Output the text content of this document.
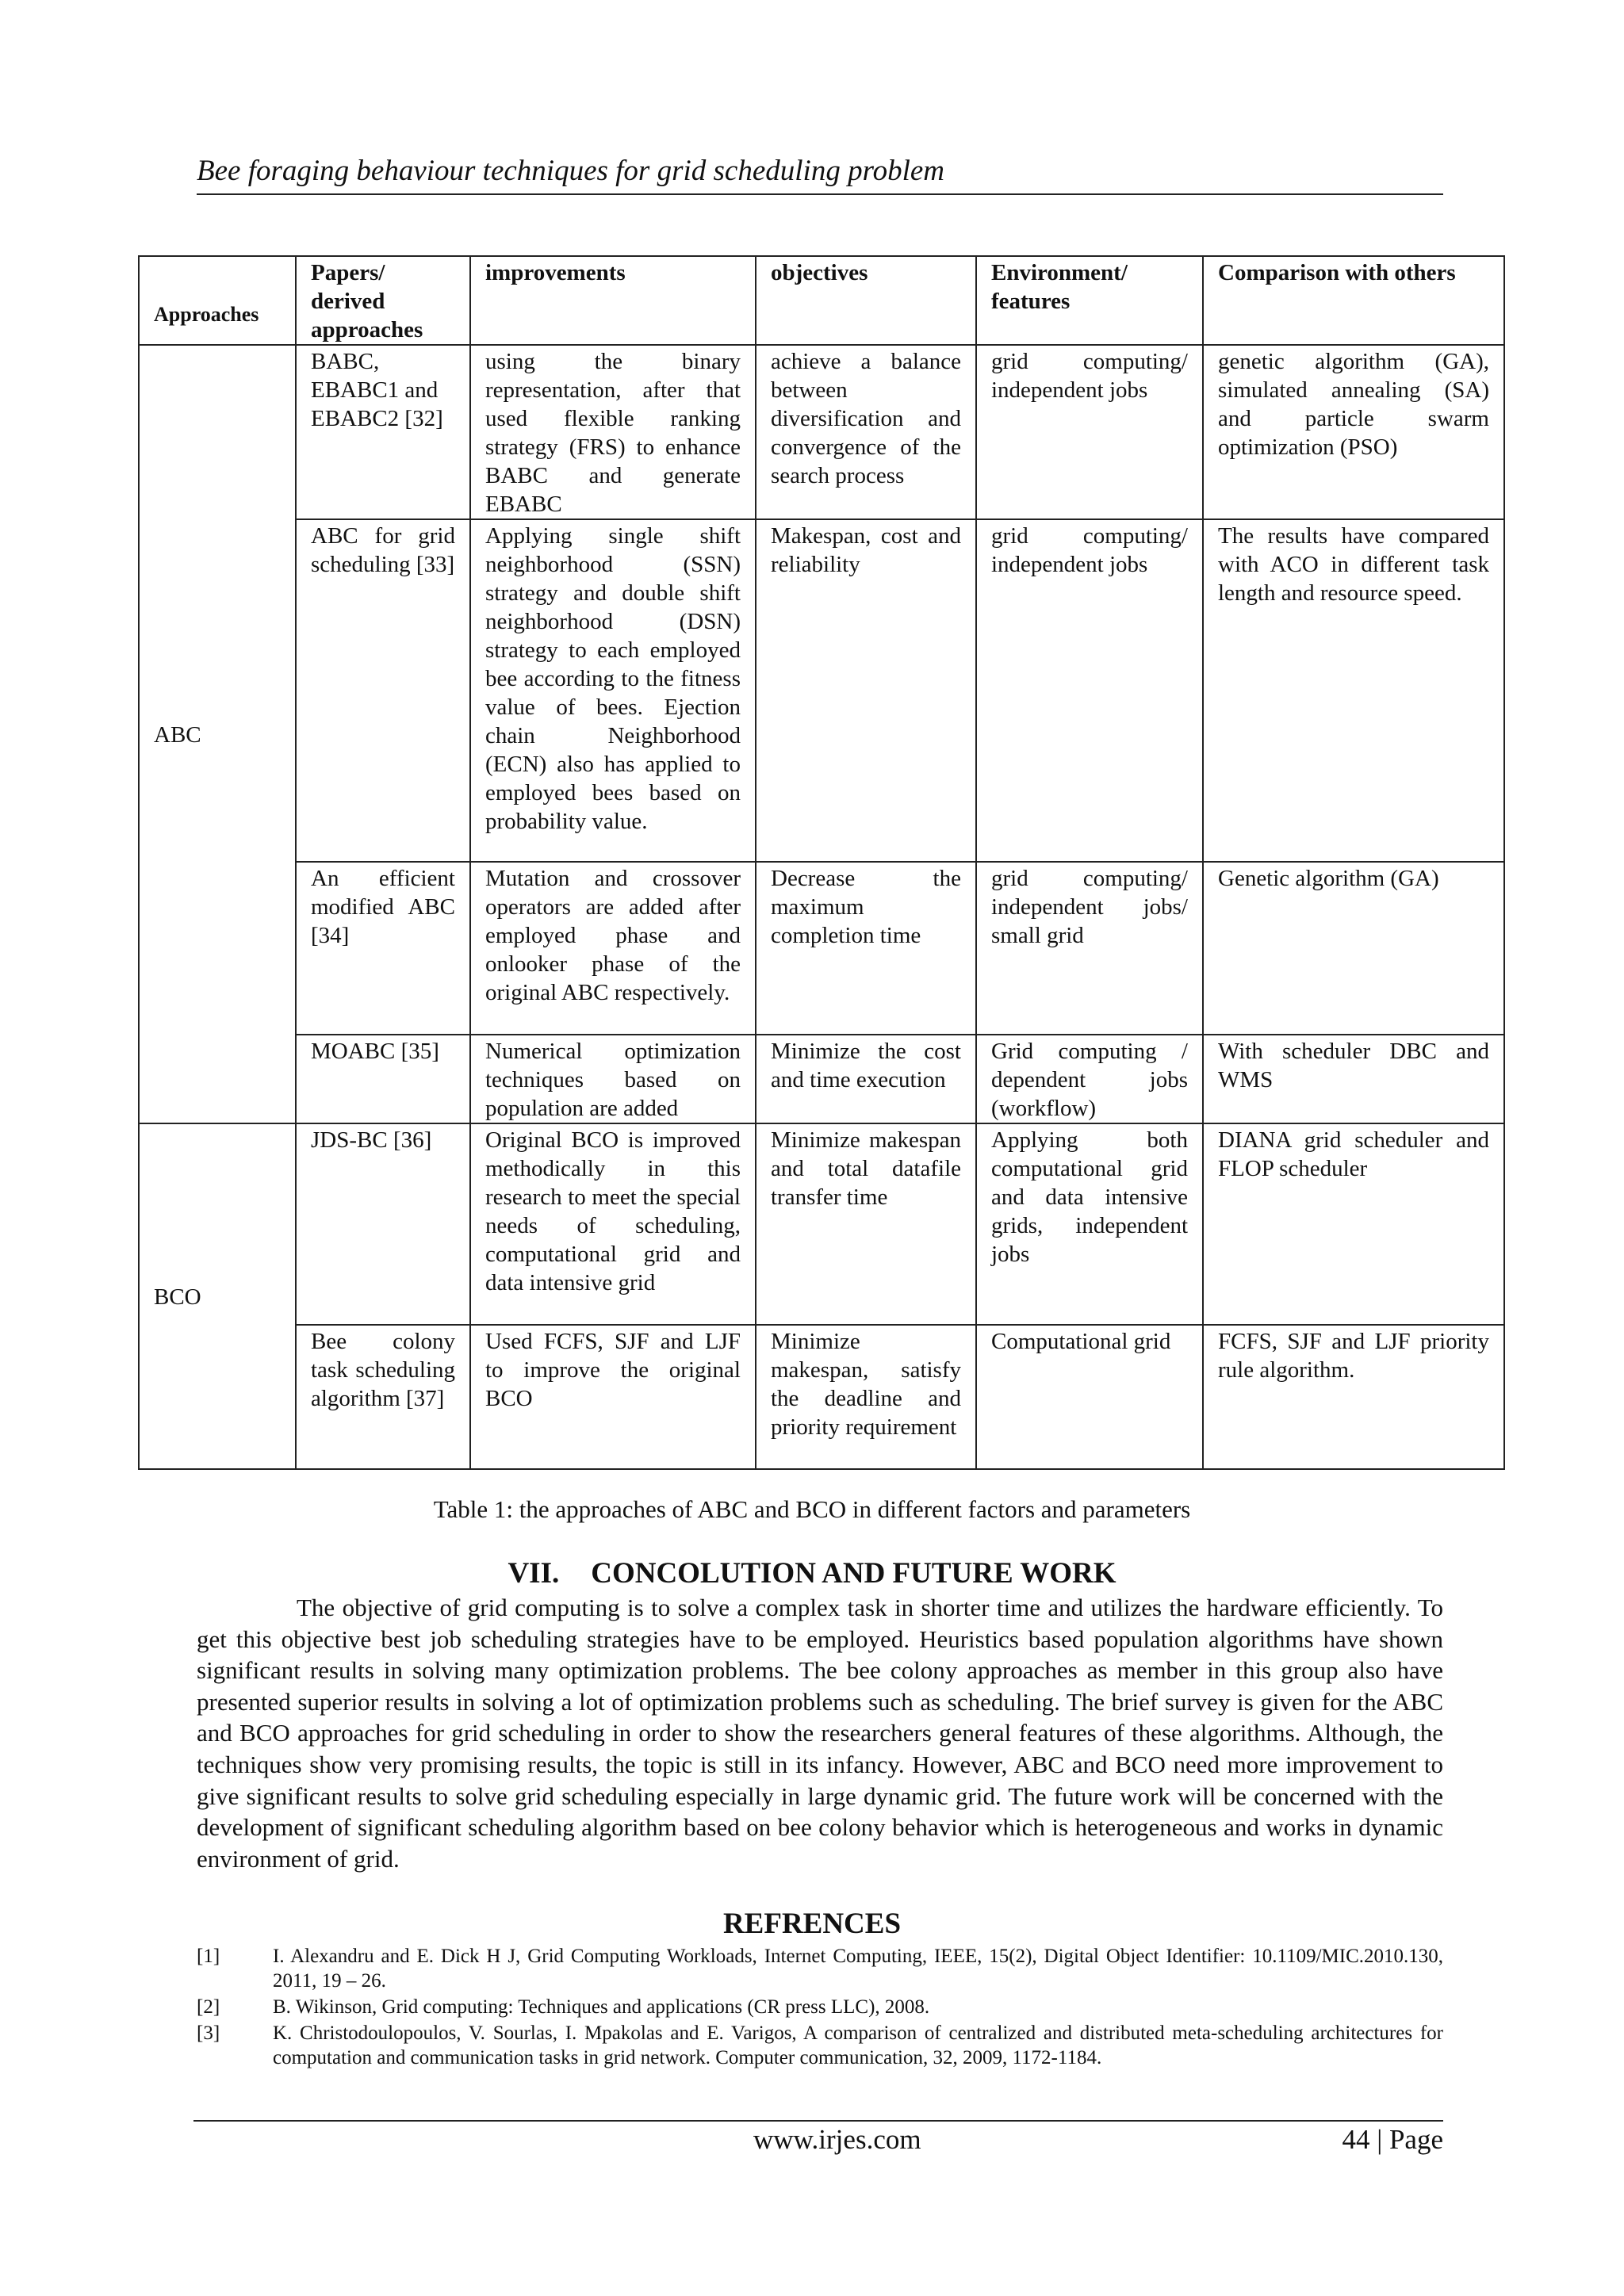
Bee foraging behaviour techniques for grid scheduling problem
Approaches	Papers/ derived approaches	improvements	objectives	Environment/ features	Comparison with others
ABC	BABC, EBABC1 and EBABC2 [32]	using the binary representation, after that used flexible ranking strategy (FRS) to enhance BABC and generate EBABC	achieve a balance between diversification and convergence of the search process	grid computing/ independent jobs	genetic algorithm (GA), simulated annealing (SA) and particle swarm optimization (PSO)
	ABC for grid scheduling [33]	Applying single shift neighborhood (SSN) strategy and double shift neighborhood (DSN) strategy to each employed bee according to the fitness value of bees. Ejection chain Neighborhood (ECN) also has applied to employed bees based on probability value.	Makespan, cost and reliability	grid computing/ independent jobs	The results have compared with ACO in different task length and resource speed.
	An efficient modified ABC [34]	Mutation and crossover operators are added after employed phase and onlooker phase of the original ABC respectively.	Decrease the maximum completion time	grid computing/ independent jobs/ small grid	Genetic algorithm (GA)
	MOABC [35]	Numerical optimization techniques based on population are added	Minimize the cost and time execution	Grid computing / dependent jobs (workflow)	With scheduler DBC and WMS
BCO	JDS-BC [36]	Original BCO is improved methodically in this research to meet the special needs of scheduling, computational grid and data intensive grid	Minimize makespan and total datafile transfer time	Applying both computational grid and data intensive grids, independent jobs	DIANA grid scheduler and FLOP scheduler
	Bee colony task scheduling algorithm [37]	Used FCFS, SJF and LJF to improve the original BCO	Minimize makespan, satisfy the deadline and priority requirement	Computational grid	FCFS, SJF and LJF priority rule algorithm.
Table 1: the approaches of ABC and BCO in different factors and parameters
VII. CONCOLUTION AND FUTURE WORK

The objective of grid computing is to solve a complex task in shorter time and utilizes the hardware efficiently. To get this objective best job scheduling strategies have to be employed. Heuristics based population algorithms have shown significant results in solving many optimization problems. The bee colony approaches as member in this group also have presented superior results in solving a lot of optimization problems such as scheduling. The brief survey is given for the ABC and BCO approaches for grid scheduling in order to show the researchers general features of these algorithms. Although, the techniques show very promising results, the topic is still in its infancy. However, ABC and BCO need more improvement to give significant results to solve grid scheduling especially in large dynamic grid. The future work will be concerned with the development of significant scheduling algorithm based on bee colony behavior which is heterogeneous and works in dynamic environment of grid.

REFRENCES
[1]	I. Alexandru and E. Dick H J, Grid Computing Workloads, Internet Computing, IEEE, 15(2), Digital Object Identifier: 10.1109/MIC.2010.130, 2011, 19 – 26.
[2]	B. Wikinson, Grid computing: Techniques and applications (CR press LLC), 2008.
[3]	K. Christodoulopoulos, V. Sourlas, I. Mpakolas and E. Varigos, A comparison of centralized and distributed meta-scheduling architectures for computation and communication tasks in grid network. Computer communication, 32, 2009, 1172-1184.
www.irjes.com	44 | Page
